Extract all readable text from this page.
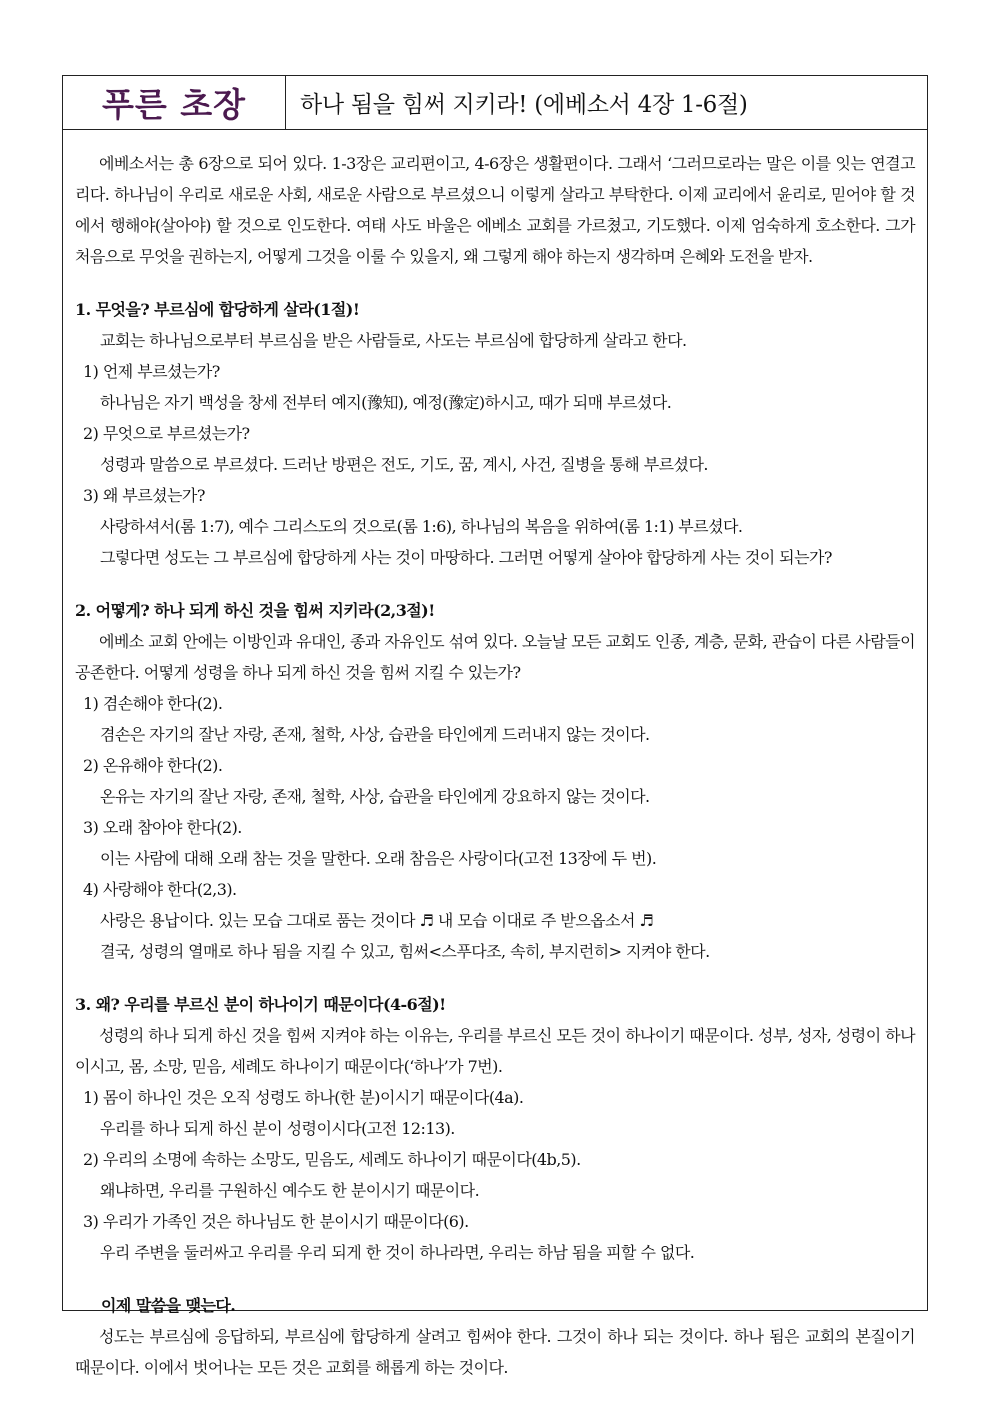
푸른 초장	하나 됨을 힘써 지키라! (에베소서 4장 1-6절)

에베소서는 총 6장으로 되어 있다. 1-3장은 교리편이고, 4-6장은 생활편이다. 그래서 ‘그러므로라는 말은 이를 잇는 연결고리다. 하나님이 우리로 새로운 사회, 새로운 사람으로 부르셨으니 이렇게 살라고 부탁한다. 이제 교리에서 윤리로, 믿어야 할 것에서 행해야(살아야) 할 것으로 인도한다. 여태 사도 바울은 에베소 교회를 가르쳤고, 기도했다. 이제 엄숙하게 호소한다. 그가 처음으로 무엇을 권하는지, 어떻게 그것을 이룰 수 있을지, 왜 그렇게 해야 하는지 생각하며 은혜와 도전을 받자.

1. 무엇을? 부르심에 합당하게 살라(1절)!

교회는 하나님으로부터 부르심을 받은 사람들로, 사도는 부르심에 합당하게 살라고 한다.

1) 언제 부르셨는가?

하나님은 자기 백성을 창세 전부터 예지(豫知), 예정(豫定)하시고, 때가 되매 부르셨다.

2) 무엇으로 부르셨는가?

성령과 말씀으로 부르셨다. 드러난 방편은 전도, 기도, 꿈, 계시, 사건, 질병을 통해 부르셨다.

3) 왜 부르셨는가?

사랑하셔서(롬 1:7), 예수 그리스도의 것으로(롬 1:6), 하나님의 복음을 위하여(롬 1:1) 부르셨다.

그렇다면 성도는 그 부르심에 합당하게 사는 것이 마땅하다. 그러면 어떻게 살아야 합당하게 사는 것이 되는가?

2. 어떻게? 하나 되게 하신 것을 힘써 지키라(2,3절)!

에베소 교회 안에는 이방인과 유대인, 종과 자유인도 섞여 있다. 오늘날 모든 교회도 인종, 계층, 문화, 관습이 다른 사람들이 공존한다. 어떻게 성령을 하나 되게 하신 것을 힘써 지킬 수 있는가?

1) 겸손해야 한다(2).

겸손은 자기의 잘난 자랑, 존재, 철학, 사상, 습관을 타인에게 드러내지 않는 것이다.

2) 온유해야 한다(2).

온유는 자기의 잘난 자랑, 존재, 철학, 사상, 습관을 타인에게 강요하지 않는 것이다.

3) 오래 참아야 한다(2).

이는 사람에 대해 오래 참는 것을 말한다. 오래 참음은 사랑이다(고전 13장에 두 번).

4) 사랑해야 한다(2,3).

사랑은 용납이다. 있는 모습 그대로 품는 것이다 ♬ 내 모습 이대로 주 받으옵소서 ♬

결국, 성령의 열매로 하나 됨을 지킬 수 있고, 힘써<스푸다조, 속히, 부지런히> 지켜야 한다.

3. 왜? 우리를 부르신 분이 하나이기 때문이다(4-6절)!

성령의 하나 되게 하신 것을 힘써 지켜야 하는 이유는, 우리를 부르신 모든 것이 하나이기 때문이다. 성부, 성자, 성령이 하나이시고, 몸, 소망, 믿음, 세례도 하나이기 때문이다(‘하나’가 7번).

1) 몸이 하나인 것은 오직 성령도 하나(한 분)이시기 때문이다(4a).

우리를 하나 되게 하신 분이 성령이시다(고전 12:13).

2) 우리의 소명에 속하는 소망도, 믿음도, 세례도 하나이기 때문이다(4b,5).

왜냐하면, 우리를 구원하신 예수도 한 분이시기 때문이다.

3) 우리가 가족인 것은 하나님도 한 분이시기 때문이다(6).

우리 주변을 둘러싸고 우리를 우리 되게 한 것이 하나라면, 우리는 하남 됨을 피할 수 없다.

이제 말씀을 맺는다.

성도는 부르심에 응답하되, 부르심에 합당하게 살려고 힘써야 한다. 그것이 하나 되는 것이다. 하나 됨은 교회의 본질이기 때문이다. 이에서 벗어나는 모든 것은 교회를 해롭게 하는 것이다.
